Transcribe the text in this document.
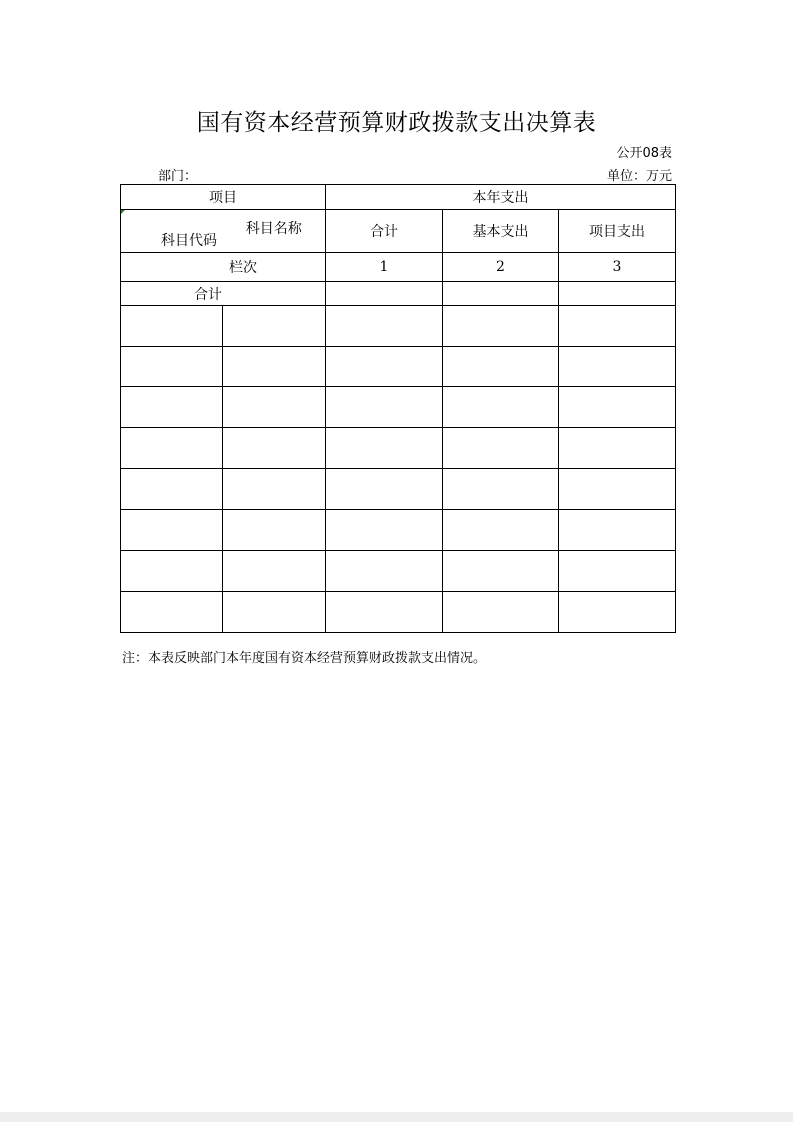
国有资本经营预算财政拨款支出决算表
公开08表
部门：	单位：万元
项目		本年支出		

科目代码
科目名称		合计	基本支出	项目支出
栏次		1	2	3
合计				

注：本表反映部门本年度国有资本经营预算财政拨款支出情况。
